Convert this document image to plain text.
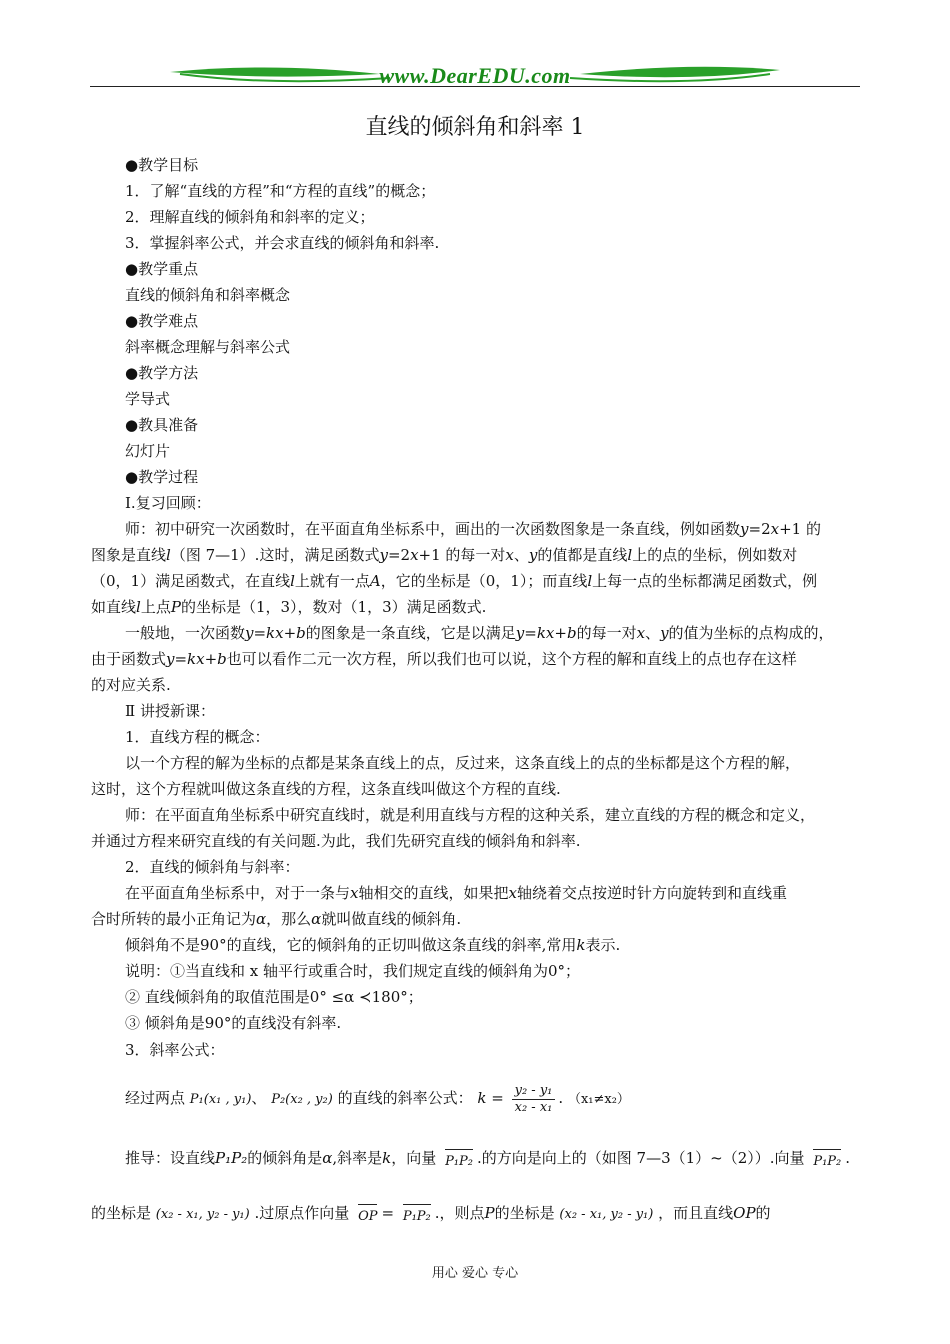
www.DearEDU.com
直线的倾斜角和斜率 1
●教学目标
1．了解“直线的方程”和“方程的直线”的概念；
2．理解直线的倾斜角和斜率的定义；
3．掌握斜率公式，并会求直线的倾斜角和斜率.
●教学重点
直线的倾斜角和斜率概念
●教学难点
斜率概念理解与斜率公式
●教学方法
学导式
●教具准备
幻灯片
●教学过程
Ⅰ.复习回顾：
师：初中研究一次函数时，在平面直角坐标系中，画出的一次函数图象是一条直线，例如函数y=2x+1 的
图象是直线l（图 7—1）.这时，满足函数式y=2x+1 的每一对x、y的值都是直线l上的点的坐标，例如数对
（0，1）满足函数式，在直线l上就有一点A，它的坐标是（0，1）；而直线l上每一点的坐标都满足函数式，例
如直线l上点P的坐标是（1，3），数对（1，3）满足函数式.
一般地，一次函数y=kx+b的图象是一条直线，它是以满足y=kx+b的每一对x、y的值为坐标的点构成的，
由于函数式y=kx+b也可以看作二元一次方程，所以我们也可以说，这个方程的解和直线上的点也存在这样
的对应关系.
Ⅱ 讲授新课：
1．直线方程的概念：
以一个方程的解为坐标的点都是某条直线上的点，反过来，这条直线上的点的坐标都是这个方程的解，
这时，这个方程就叫做这条直线的方程，这条直线叫做这个方程的直线.
师：在平面直角坐标系中研究直线时，就是利用直线与方程的这种关系，建立直线的方程的概念和定义，
并通过方程来研究直线的有关问题.为此，我们先研究直线的倾斜角和斜率.
2．直线的倾斜角与斜率：
在平面直角坐标系中，对于一条与x轴相交的直线，如果把x轴绕着交点按逆时针方向旋转到和直线重
合时所转的最小正角记为α，那么α就叫做直线的倾斜角.
倾斜角不是90°的直线，它的倾斜角的正切叫做这条直线的斜率,常用k表示.
说明：①当直线和 x 轴平行或重合时，我们规定直线的倾斜角为0°；
② 直线倾斜角的取值范围是0° ≤α ≺180°；
③ 倾斜角是90°的直线没有斜率.
3．斜率公式：
经过两点 P₁(x₁ , y₁)、 P₂(x₂ , y₂) 的直线的斜率公式： $k = \frac{\text{y₂ - y₁}}{\text{x₂ - x₁}}$ . （x₁≠x₂）
推导：设直线P₁P₂的倾斜角是α,斜率是k，向量 P₁P₂ .的方向是向上的（如图 7—3（1）~（2））.向量 P₁P₂ .
的坐标是 (x₂ - x₁, y₂ - y₁) .过原点作向量 OP = P₁P₂ .，则点P的坐标是 (x₂ - x₁, y₂ - y₁) ，而且直线OP的
用心 爱心 专心
